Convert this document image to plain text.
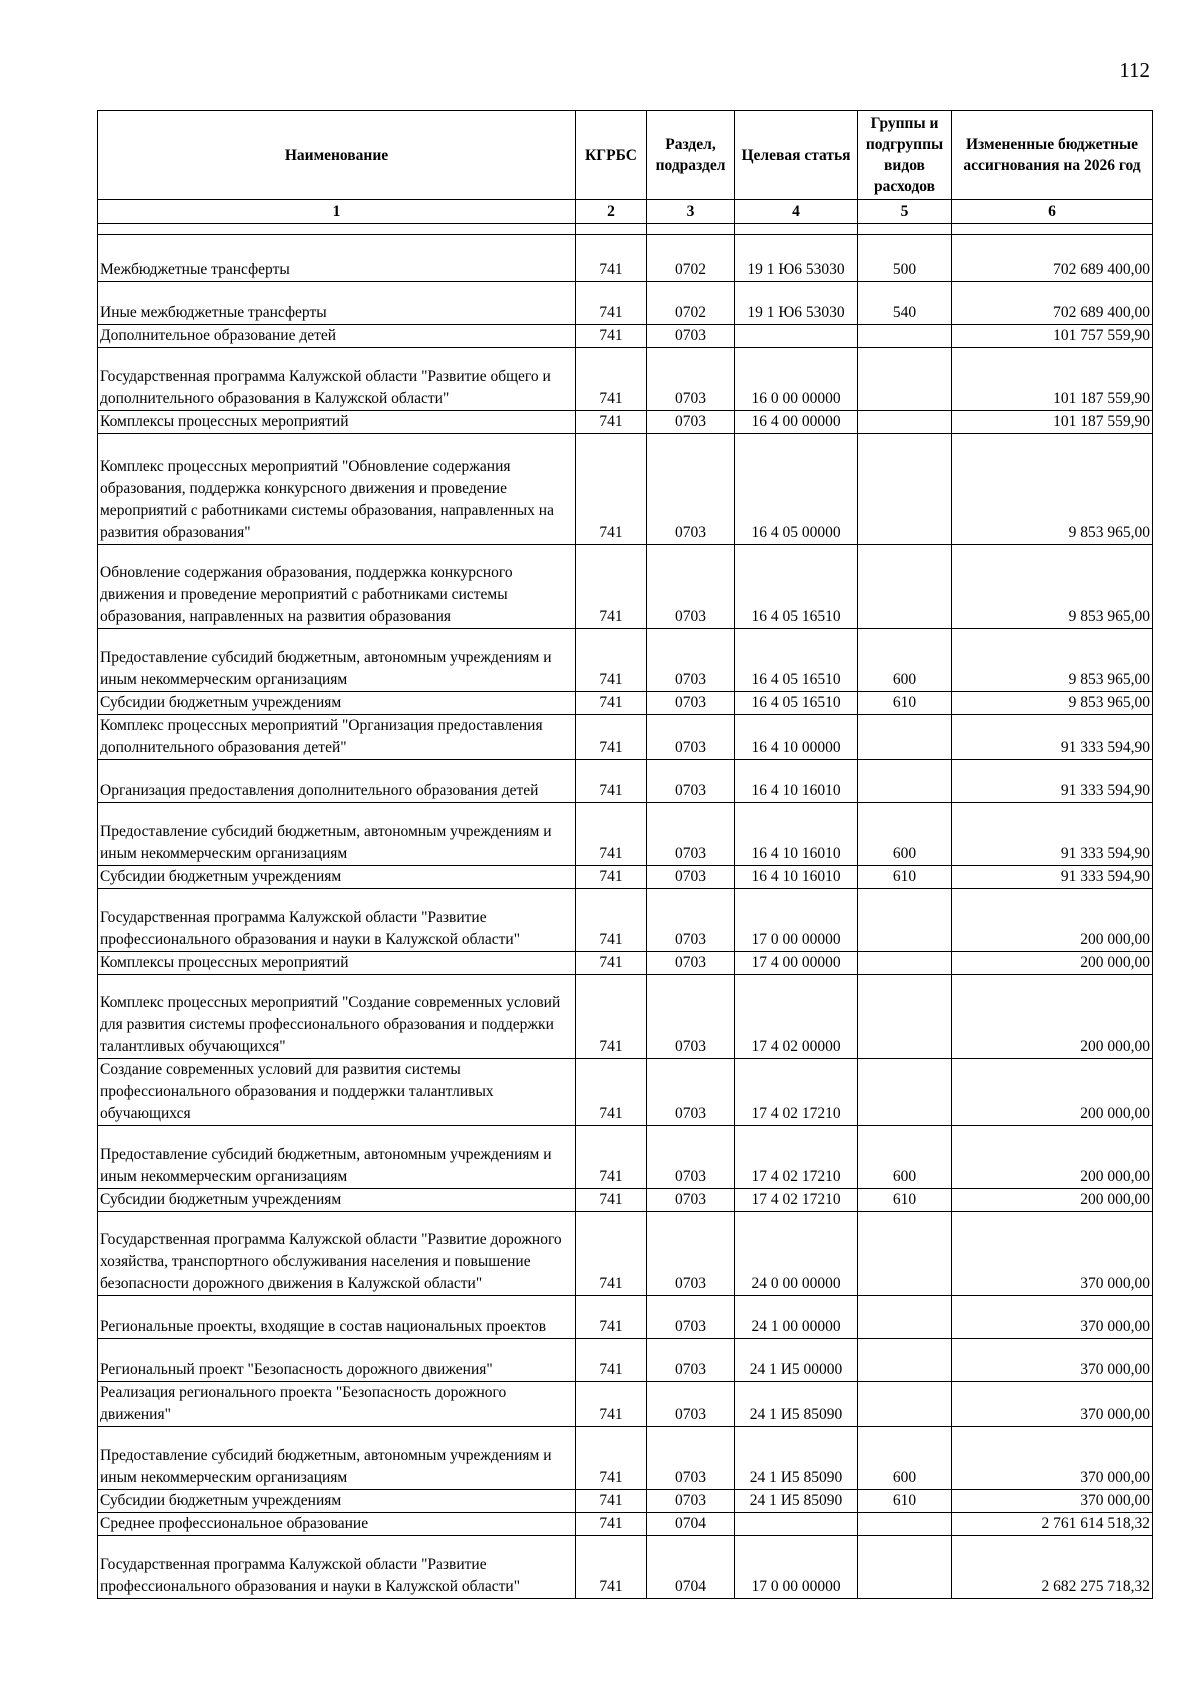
112
Наименование	КГРБС	Раздел, подраздел	Целевая статья	Группы и подгруппы видов расходов	Измененные бюджетные ассигнования на 2026 год
1	2	3	4	5	6

Межбюджетные трансферты	741	0702	19 1 Ю6 53030	500	702 689 400,00
Иные межбюджетные трансферты	741	0702	19 1 Ю6 53030	540	702 689 400,00
Дополнительное образование детей	741	0703			101 757 559,90
Государственная программа Калужской области "Развитие общего и дополнительного образования в Калужской области"	741	0703	16 0 00 00000		101 187 559,90
Комплексы процессных мероприятий	741	0703	16 4 00 00000		101 187 559,90
Комплекс процессных мероприятий "Обновление содержания образования, поддержка конкурсного движения и проведение мероприятий с работниками системы образования, направленных на развития образования"	741	0703	16 4 05 00000		9 853 965,00
Обновление содержания образования, поддержка конкурсного движения и проведение мероприятий с работниками системы образования, направленных на развития образования	741	0703	16 4 05 16510		9 853 965,00
Предоставление субсидий бюджетным, автономным учреждениям и иным некоммерческим организациям	741	0703	16 4 05 16510	600	9 853 965,00
Субсидии бюджетным учреждениям	741	0703	16 4 05 16510	610	9 853 965,00
Комплекс процессных мероприятий "Организация предоставления дополнительного образования детей"	741	0703	16 4 10 00000		91 333 594,90
Организация предоставления дополнительного образования детей	741	0703	16 4 10 16010		91 333 594,90
Предоставление субсидий бюджетным, автономным учреждениям и иным некоммерческим организациям	741	0703	16 4 10 16010	600	91 333 594,90
Субсидии бюджетным учреждениям	741	0703	16 4 10 16010	610	91 333 594,90
Государственная программа Калужской области "Развитие профессионального образования и науки в Калужской области"	741	0703	17 0 00 00000		200 000,00
Комплексы процессных мероприятий	741	0703	17 4 00 00000		200 000,00
Комплекс процессных мероприятий "Создание современных условий для развития системы профессионального образования и поддержки талантливых обучающихся"	741	0703	17 4 02 00000		200 000,00
Создание современных условий для развития системы профессионального образования и поддержки талантливых обучающихся	741	0703	17 4 02 17210		200 000,00
Предоставление субсидий бюджетным, автономным учреждениям и иным некоммерческим организациям	741	0703	17 4 02 17210	600	200 000,00
Субсидии бюджетным учреждениям	741	0703	17 4 02 17210	610	200 000,00
Государственная программа Калужской области "Развитие дорожного хозяйства, транспортного обслуживания населения и повышение безопасности дорожного движения в Калужской области"	741	0703	24 0 00 00000		370 000,00
Региональные проекты, входящие в состав национальных проектов	741	0703	24 1 00 00000		370 000,00
Региональный проект "Безопасность дорожного движения"	741	0703	24 1 И5 00000		370 000,00
Реализация регионального проекта "Безопасность дорожного движения"	741	0703	24 1 И5 85090		370 000,00
Предоставление субсидий бюджетным, автономным учреждениям и иным некоммерческим организациям	741	0703	24 1 И5 85090	600	370 000,00
Субсидии бюджетным учреждениям	741	0703	24 1 И5 85090	610	370 000,00
Среднее профессиональное образование	741	0704			2 761 614 518,32
Государственная программа Калужской области "Развитие профессионального образования и науки в Калужской области"	741	0704	17 0 00 00000		2 682 275 718,32
